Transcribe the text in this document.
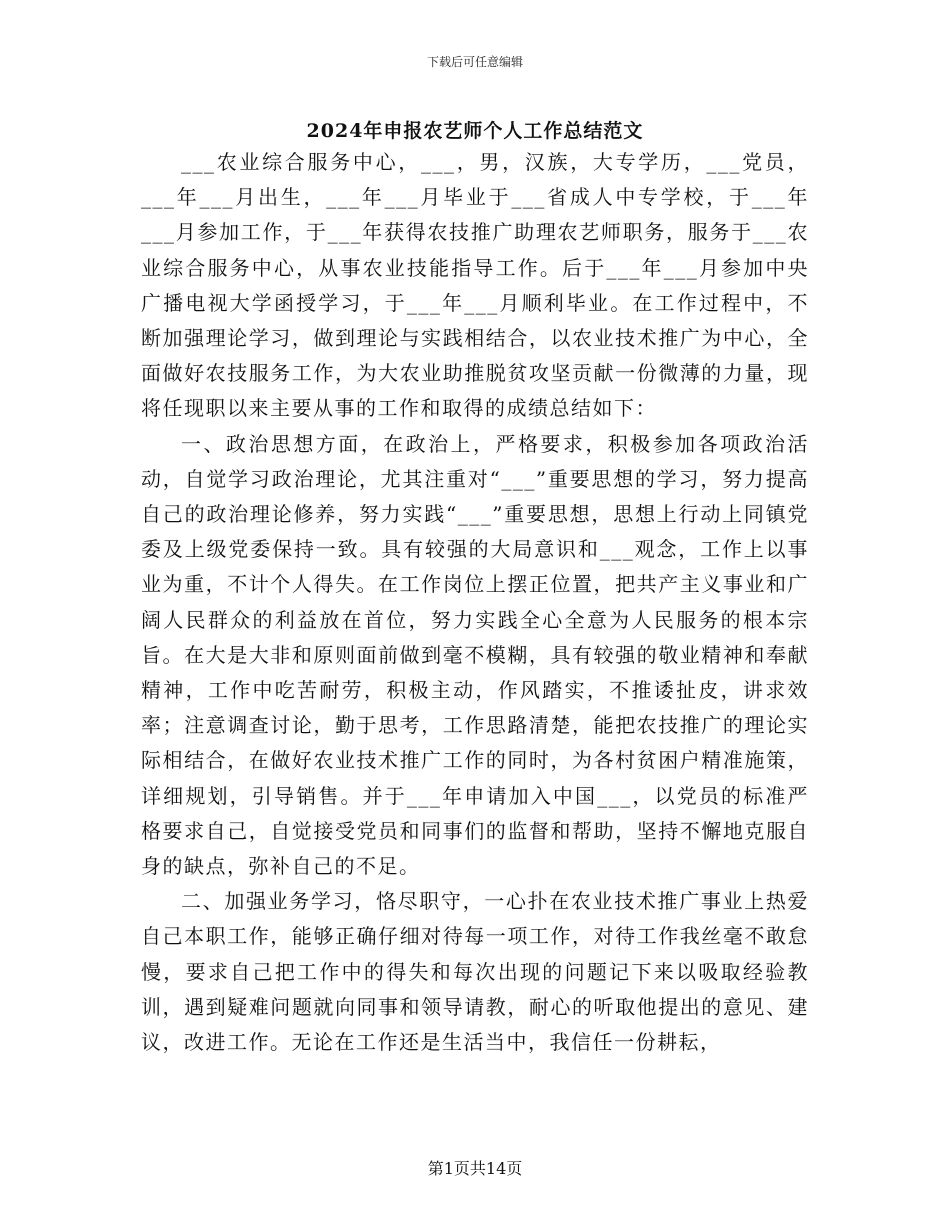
下载后可任意编辑
2024年申报农艺师个人工作总结范文

___农业综合服务中心，___，男，汉族，大专学历，___党员，___年___月出生，___年___月毕业于___省成人中专学校，于___年___月参加工作，于___年获得农技推广助理农艺师职务，服务于___农业综合服务中心，从事农业技能指导工作。后于___年___月参加中央广播电视大学函授学习，于___年___月顺利毕业。在工作过程中，不断加强理论学习，做到理论与实践相结合，以农业技术推广为中心，全面做好农技服务工作，为大农业助推脱贫攻坚贡献一份微薄的力量，现将任现职以来主要从事的工作和取得的成绩总结如下：

一、政治思想方面，在政治上，严格要求，积极参加各项政治活动，自觉学习政治理论，尤其注重对“___”重要思想的学习，努力提高自己的政治理论修养，努力实践“___”重要思想，思想上行动上同镇党委及上级党委保持一致。具有较强的大局意识和___观念，工作上以事业为重，不计个人得失。在工作岗位上摆正位置，把共产主义事业和广阔人民群众的利益放在首位，努力实践全心全意为人民服务的根本宗旨。在大是大非和原则面前做到毫不模糊，具有较强的敬业精神和奉献精神，工作中吃苦耐劳，积极主动，作风踏实，不推诿扯皮，讲求效率；注意调查讨论，勤于思考，工作思路清楚，能把农技推广的理论实际相结合，在做好农业技术推广工作的同时，为各村贫困户精准施策，详细规划，引导销售。并于___年申请加入中国___，以党员的标准严格要求自己，自觉接受党员和同事们的监督和帮助，坚持不懈地克服自身的缺点，弥补自己的不足。

二、加强业务学习，恪尽职守，一心扑在农业技术推广事业上热爱自己本职工作，能够正确仔细对待每一项工作，对待工作我丝毫不敢怠慢，要求自己把工作中的得失和每次出现的问题记下来以吸取经验教训，遇到疑难问题就向同事和领导请教，耐心的听取他提出的意见、建议，改进工作。无论在工作还是生活当中，我信任一份耕耘，

第1页共14页
